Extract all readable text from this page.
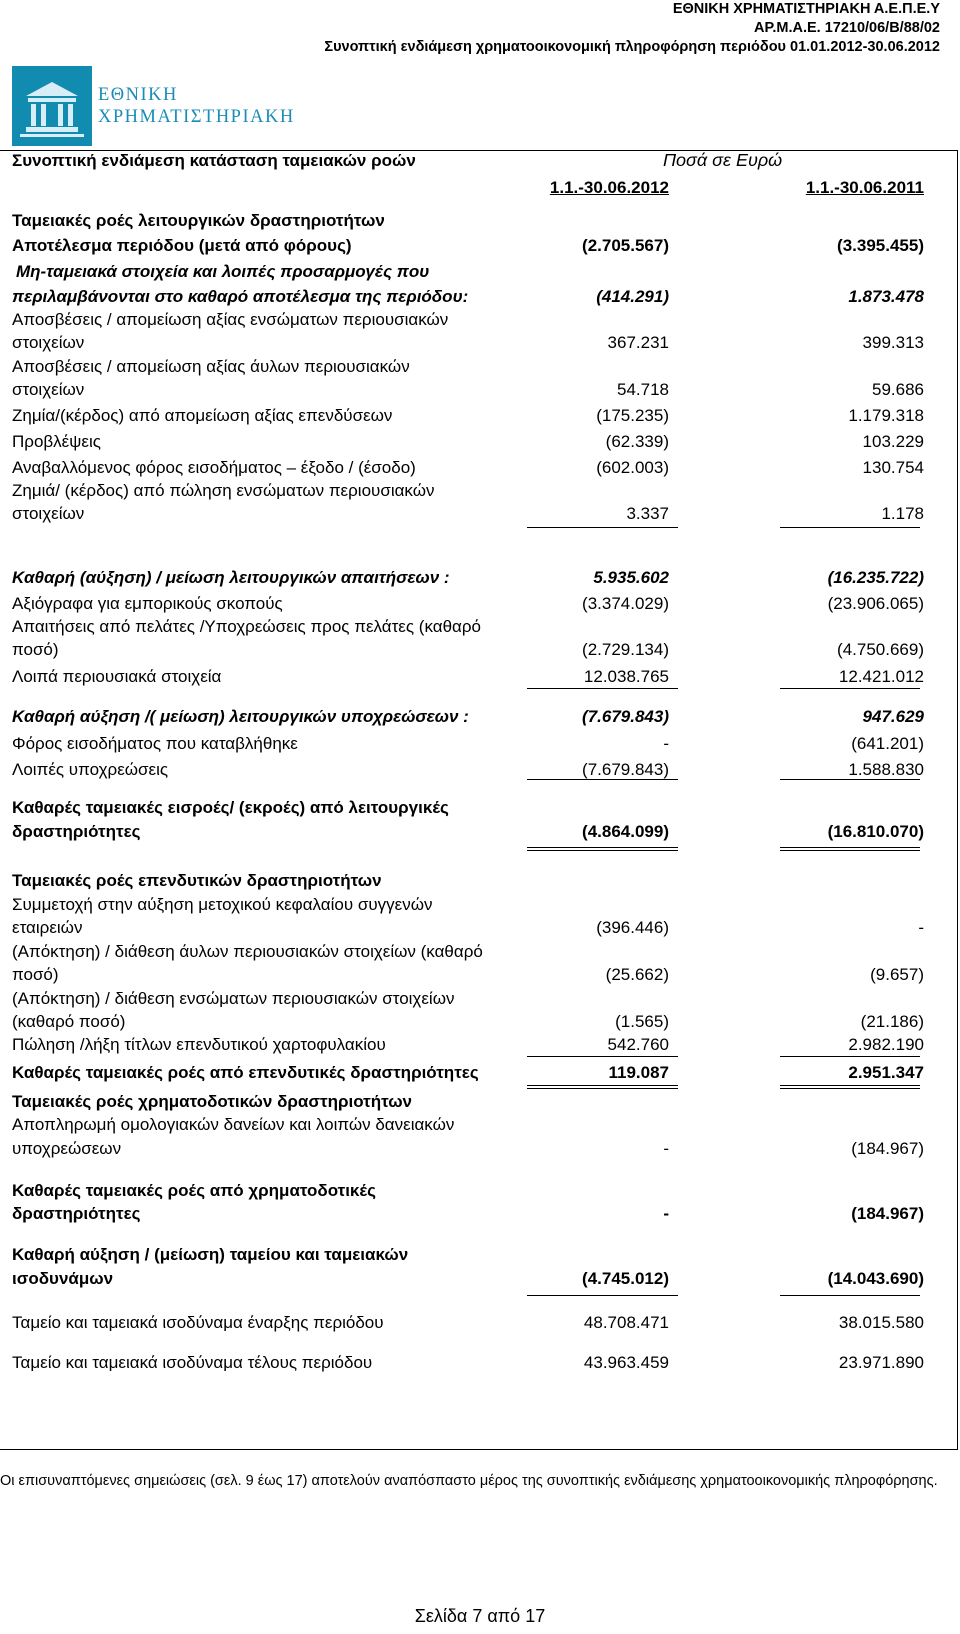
ΕΘΝΙΚΗ ΧΡΗΜΑΤΙΣΤΗΡΙΑΚΗ Α.Ε.Π.Ε.Υ
ΑΡ.Μ.Α.Ε. 17210/06/Β/88/02
Συνοπτική ενδιάμεση χρηματοοικονομική πληροφόρηση περιόδου 01.01.2012-30.06.2012
ΕΘΝΙΚΗ
ΧΡΗΜΑΤΙΣΤΗΡΙΑΚΗ
Συνοπτική ενδιάμεση κατάσταση ταμειακών ροών	Ποσά σε Ευρώ
1.1.-30.06.2012	1.1.-30.06.2011
Ταμειακές ροές λειτουργικών δραστηριοτήτων
Αποτέλεσμα περιόδου (μετά από φόρους)	(2.705.567)	(3.395.455)
Μη-ταμειακά στοιχεία και λοιπές προσαρμογές που
περιλαμβάνονται στο καθαρό αποτέλεσμα της περιόδου:	(414.291)	1.873.478
Αποσβέσεις / απομείωση αξίας ενσώματων περιουσιακών
στοιχείων	367.231	399.313
Αποσβέσεις / απομείωση αξίας άυλων περιουσιακών
στοιχείων	54.718	59.686
Ζημία/(κέρδος) από απομείωση αξίας επενδύσεων	(175.235)	1.179.318
Προβλέψεις	(62.339)	103.229
Αναβαλλόμενος φόρος εισοδήματος – έξοδο / (έσοδο)	(602.003)	130.754
Ζημιά/ (κέρδος) από πώληση ενσώματων περιουσιακών
στοιχείων	3.337	1.178
Καθαρή (αύξηση) / μείωση λειτουργικών απαιτήσεων :	5.935.602	(16.235.722)
Αξιόγραφα για εμπορικούς σκοπούς	(3.374.029)	(23.906.065)
Απαιτήσεις από πελάτες /Υποχρεώσεις προς πελάτες (καθαρό
ποσό)	(2.729.134)	(4.750.669)
Λοιπά περιουσιακά στοιχεία	12.038.765	12.421.012
Καθαρή αύξηση /( μείωση) λειτουργικών υποχρεώσεων :	(7.679.843)	947.629
Φόρος εισοδήματος που καταβλήθηκε	-	(641.201)
Λοιπές υποχρεώσεις	(7.679.843)	1.588.830
Καθαρές ταμειακές εισροές/ (εκροές) από λειτουργικές
δραστηριότητες	(4.864.099)	(16.810.070)
Ταμειακές ροές επενδυτικών δραστηριοτήτων
Συμμετοχή στην αύξηση μετοχικού κεφαλαίου συγγενών
εταιρειών	(396.446)	-
(Απόκτηση) / διάθεση άυλων περιουσιακών στοιχείων (καθαρό
ποσό)	(25.662)	(9.657)
(Απόκτηση) / διάθεση ενσώματων περιουσιακών στοιχείων
(καθαρό ποσό)	(1.565)	(21.186)
Πώληση /λήξη τίτλων επενδυτικού χαρτοφυλακίου	542.760	2.982.190
Καθαρές ταμειακές ροές από επενδυτικές δραστηριότητες	119.087	2.951.347
Ταμειακές ροές χρηματοδοτικών δραστηριοτήτων
Αποπληρωμή ομολογιακών δανείων και λοιπών δανειακών
υποχρεώσεων	-	(184.967)
Καθαρές ταμειακές ροές από χρηματοδοτικές
δραστηριότητες	-	(184.967)
Καθαρή αύξηση / (μείωση) ταμείου και ταμειακών
ισοδυνάμων	(4.745.012)	(14.043.690)
Ταμείο και ταμειακά ισοδύναμα έναρξης περιόδου	48.708.471	38.015.580
Ταμείο και ταμειακά ισοδύναμα τέλους περιόδου	43.963.459	23.971.890
Οι επισυναπτόμενες σημειώσεις (σελ. 9 έως 17) αποτελούν αναπόσπαστο μέρος της συνοπτικής ενδιάμεσης χρηματοοικονομικής πληροφόρησης.
Σελίδα 7 από 17
